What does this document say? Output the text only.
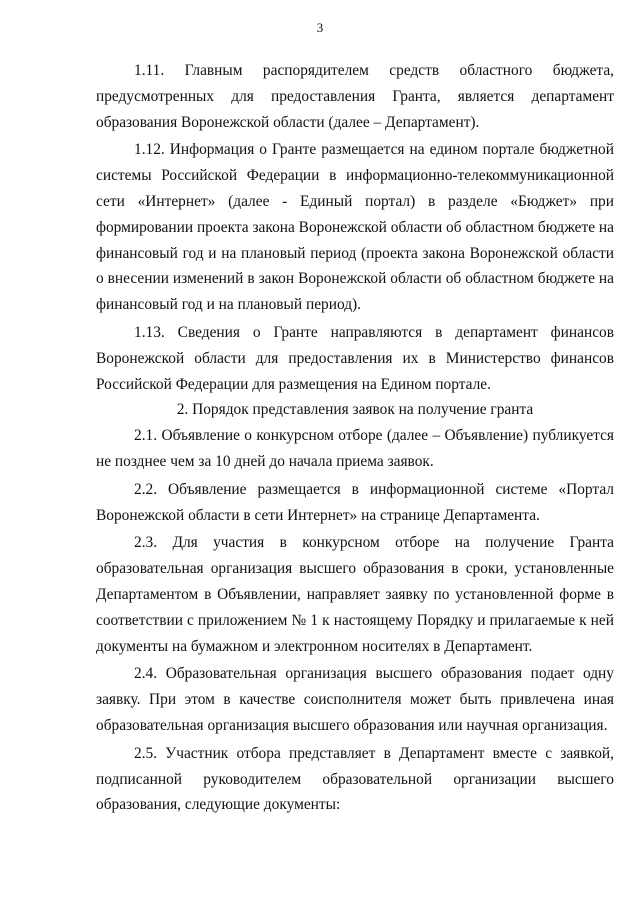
3

1.11. Главным распорядителем средств областного бюджета, предусмотренных для предоставления Гранта, является департамент образования Воронежской области (далее – Департамент).

1.12. Информация о Гранте размещается на едином портале бюджетной системы Российской Федерации в информационно-телекоммуникационной сети «Интернет» (далее - Единый портал) в разделе «Бюджет» при формировании проекта закона Воронежской области об областном бюджете на финансовый год и на плановый период (проекта закона Воронежской области о внесении изменений в закон Воронежской области об областном бюджете на финансовый год и на плановый период).

1.13. Сведения о Гранте направляются в департамент финансов Воронежской области для предоставления их в Министерство финансов Российской Федерации для размещения на Едином портале.

2. Порядок представления заявок на получение гранта

2.1. Объявление о конкурсном отборе (далее – Объявление) публикуется не позднее чем за 10 дней до начала приема заявок.

2.2. Объявление размещается в информационной системе «Портал Воронежской области в сети Интернет» на странице Департамента.

2.3. Для участия в конкурсном отборе на получение Гранта образовательная организация высшего образования в сроки, установленные Департаментом в Объявлении, направляет заявку по установленной форме в соответствии с приложением № 1 к настоящему Порядку и прилагаемые к ней документы на бумажном и электронном носителях в Департамент.

2.4. Образовательная организация высшего образования подает одну заявку. При этом в качестве соисполнителя может быть привлечена иная образовательная организация высшего образования или научная организация.

2.5. Участник отбора представляет в Департамент вместе с заявкой, подписанной руководителем образовательной организации высшего образования, следующие документы:
